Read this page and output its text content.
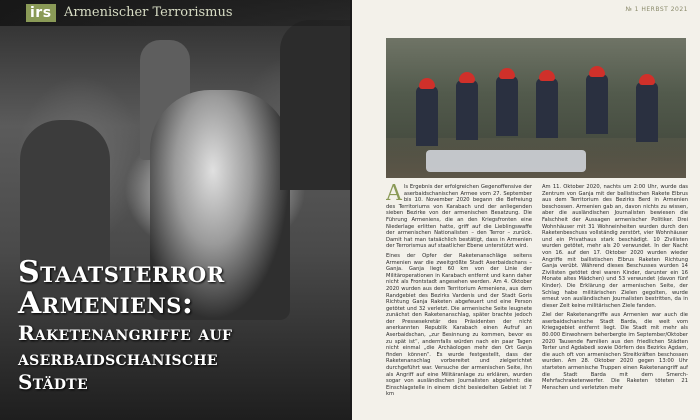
irs Armenischer Terrorismus
Staatsterror
Armeniens:
Raketenangriffe auf
aserbaidschanische
Städte
№ 1 HERBST 2021
A ls Ergebnis der erfolgreichen Gegenoffensive der aserbaidschanischen Armee vom 27. September bis 10. November 2020 begann die Befreiung des Territoriums von Karabach und der anliegenden sieben Bezirke von der armenischen Besatzung. Die Führung Armeniens, die an den Kriegsfronten eine Niederlage erlitten hatte, griff auf die Lieblingswaffe der armenischen Nationalisten – den Terror – zurück. Damit hat man tatsächlich bestätigt, dass in Armenien der Terrorismus auf staatlicher Ebene unterstützt wird.

Eines der Opfer der Raketenanschläge seitens Armenien war die zweitgrößte Stadt Aserbaidschans – Ganja. Ganja liegt 60 km von der Linie der Militäroperationen in Karabach entfernt und kann daher nicht als Frontstadt angesehen werden. Am 4. Oktober 2020 wurden aus dem Territorium Armeniens, aus dem Randgebiet des Bezirks Vardenis und der Stadt Goris Richtung Ganja Raketen abgefeuert und eine Person getötet und 32 verletzt. Die armenische Seite leugnete zunächst den Raketenanschlag, später brachte jedoch der Pressesekretär des Präsidenten der nicht anerkannten Republik Karabach einen Aufruf an Aserbaidschan, „zur Besinnung zu kommen, bevor es zu spät ist“, andernfalls würden nach ein paar Tagen nicht einmal „die Archäologen mehr den Ort Ganja finden können“. Es wurde festgestellt, dass der Raketenanschlag vorbereitet und zielgerichtet durchgeführt war. Versuche der armenischen Seite, ihn als Angriff auf eine Militäranlage zu erklären, wurden sogar von ausländischen Journalisten abgelehnt: die Einschlagstelle in einem dicht besiedelten Gebiet ist 7 km

Am 11. Oktober 2020, nachts um 2:00 Uhr, wurde das Zentrum von Ganja mit der ballistischen Rakete Elbrus aus dem Territorium des Bezirks Berd in Armenien beschossen. Armenien gab an, davon nichts zu wissen, aber die ausländischen Journalisten bewiesen die Falschheit der Aussagen armenischer Politiker. Drei Wohnhäuser mit 31 Wohneinheiten wurden durch den Raketenbeschuss vollständig zerstört, vier Wohnhäuser und ein Privathaus stark beschädigt. 10 Zivilisten wurden getötet, mehr als 20 verwundet. In der Nacht von 16. auf den 17. Oktober 2020 wurden wieder Angriffe mit ballistischen Elbrus Raketen Richtung Ganja verübt. Während dieses Beschusses wurden 14 Zivilisten getötet drei waren Kinder, darunter ein 16 Monate altes Mädchen) und 53 verwundet (davon fünf Kinder). Die Erklärung der armenischen Seite, der Schlag habe militärischen Zielen gegolten, wurde erneut von ausländischen Journalisten bestritten, da in dieser Zeit keine militärischen Ziele fanden.

Ziel der Raketenangriffe aus Armenien war auch die aserbaidschanische Stadt Barda, die weit vom Kriegsgebiet entfernt liegt. Die Stadt mit mehr als 80.000 Einwohnern beherbergte im September/Oktober 2020 Tausende Familien aus den friedlichen Städten Terter und Agdabedi sowie Dörfern des Bezirks Agdam, die auch oft von armenischen Streitkräften beschossen wurden. Am 28. Oktober 2020 gegen 13:00 Uhr starteten armenische Truppen einen Raketenangriff auf die Stadt Barda mit dem Smerch-Mehrfachraketenwerfer. Die Raketen töteten 21 Menschen und verletzten mehr
